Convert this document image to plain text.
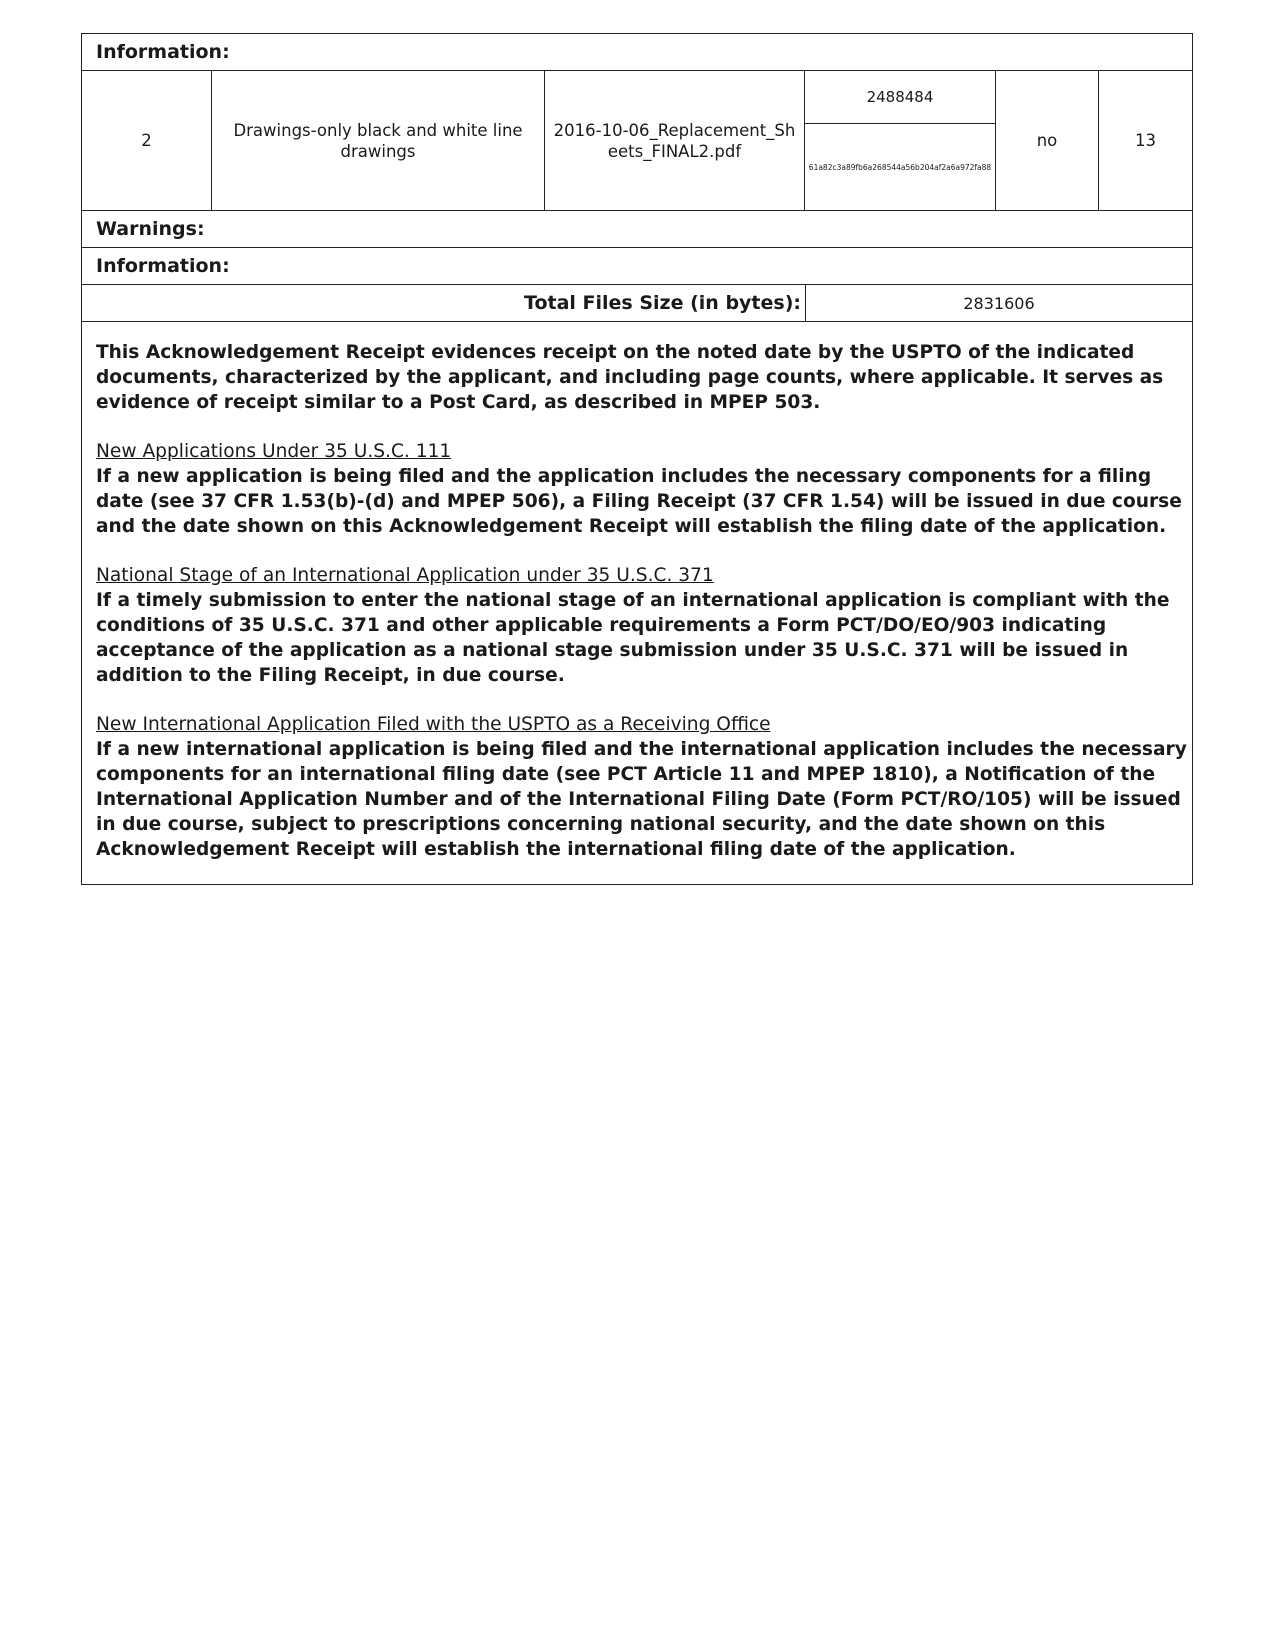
Information:
2
Drawings-only black and white line drawings
2016-10-06_Replacement_Sheets_FINAL2.pdf
2488484
61a82c3a89fb6a268544a56b204af2a6a972fa88
no	13
Warnings:
Information:
Total Files Size (in bytes):	2831606

This Acknowledgement Receipt evidences receipt on the noted date by the USPTO of the indicated documents, characterized by the applicant, and including page counts, where applicable. It serves as evidence of receipt similar to a Post Card, as described in MPEP 503.

New Applications Under 35 U.S.C. 111
If a new application is being filed and the application includes the necessary components for a filing date (see 37 CFR 1.53(b)-(d) and MPEP 506), a Filing Receipt (37 CFR 1.54) will be issued in due course and the date shown on this Acknowledgement Receipt will establish the filing date of the application.

National Stage of an International Application under 35 U.S.C. 371
If a timely submission to enter the national stage of an international application is compliant with the conditions of 35 U.S.C. 371 and other applicable requirements a Form PCT/DO/EO/903 indicating acceptance of the application as a national stage submission under 35 U.S.C. 371 will be issued in addition to the Filing Receipt, in due course.

New International Application Filed with the USPTO as a Receiving Office
If a new international application is being filed and the international application includes the necessary components for an international filing date (see PCT Article 11 and MPEP 1810), a Notification of the International Application Number and of the International Filing Date (Form PCT/RO/105) will be issued in due course, subject to prescriptions concerning national security, and the date shown on this Acknowledgement Receipt will establish the international filing date of the application.
